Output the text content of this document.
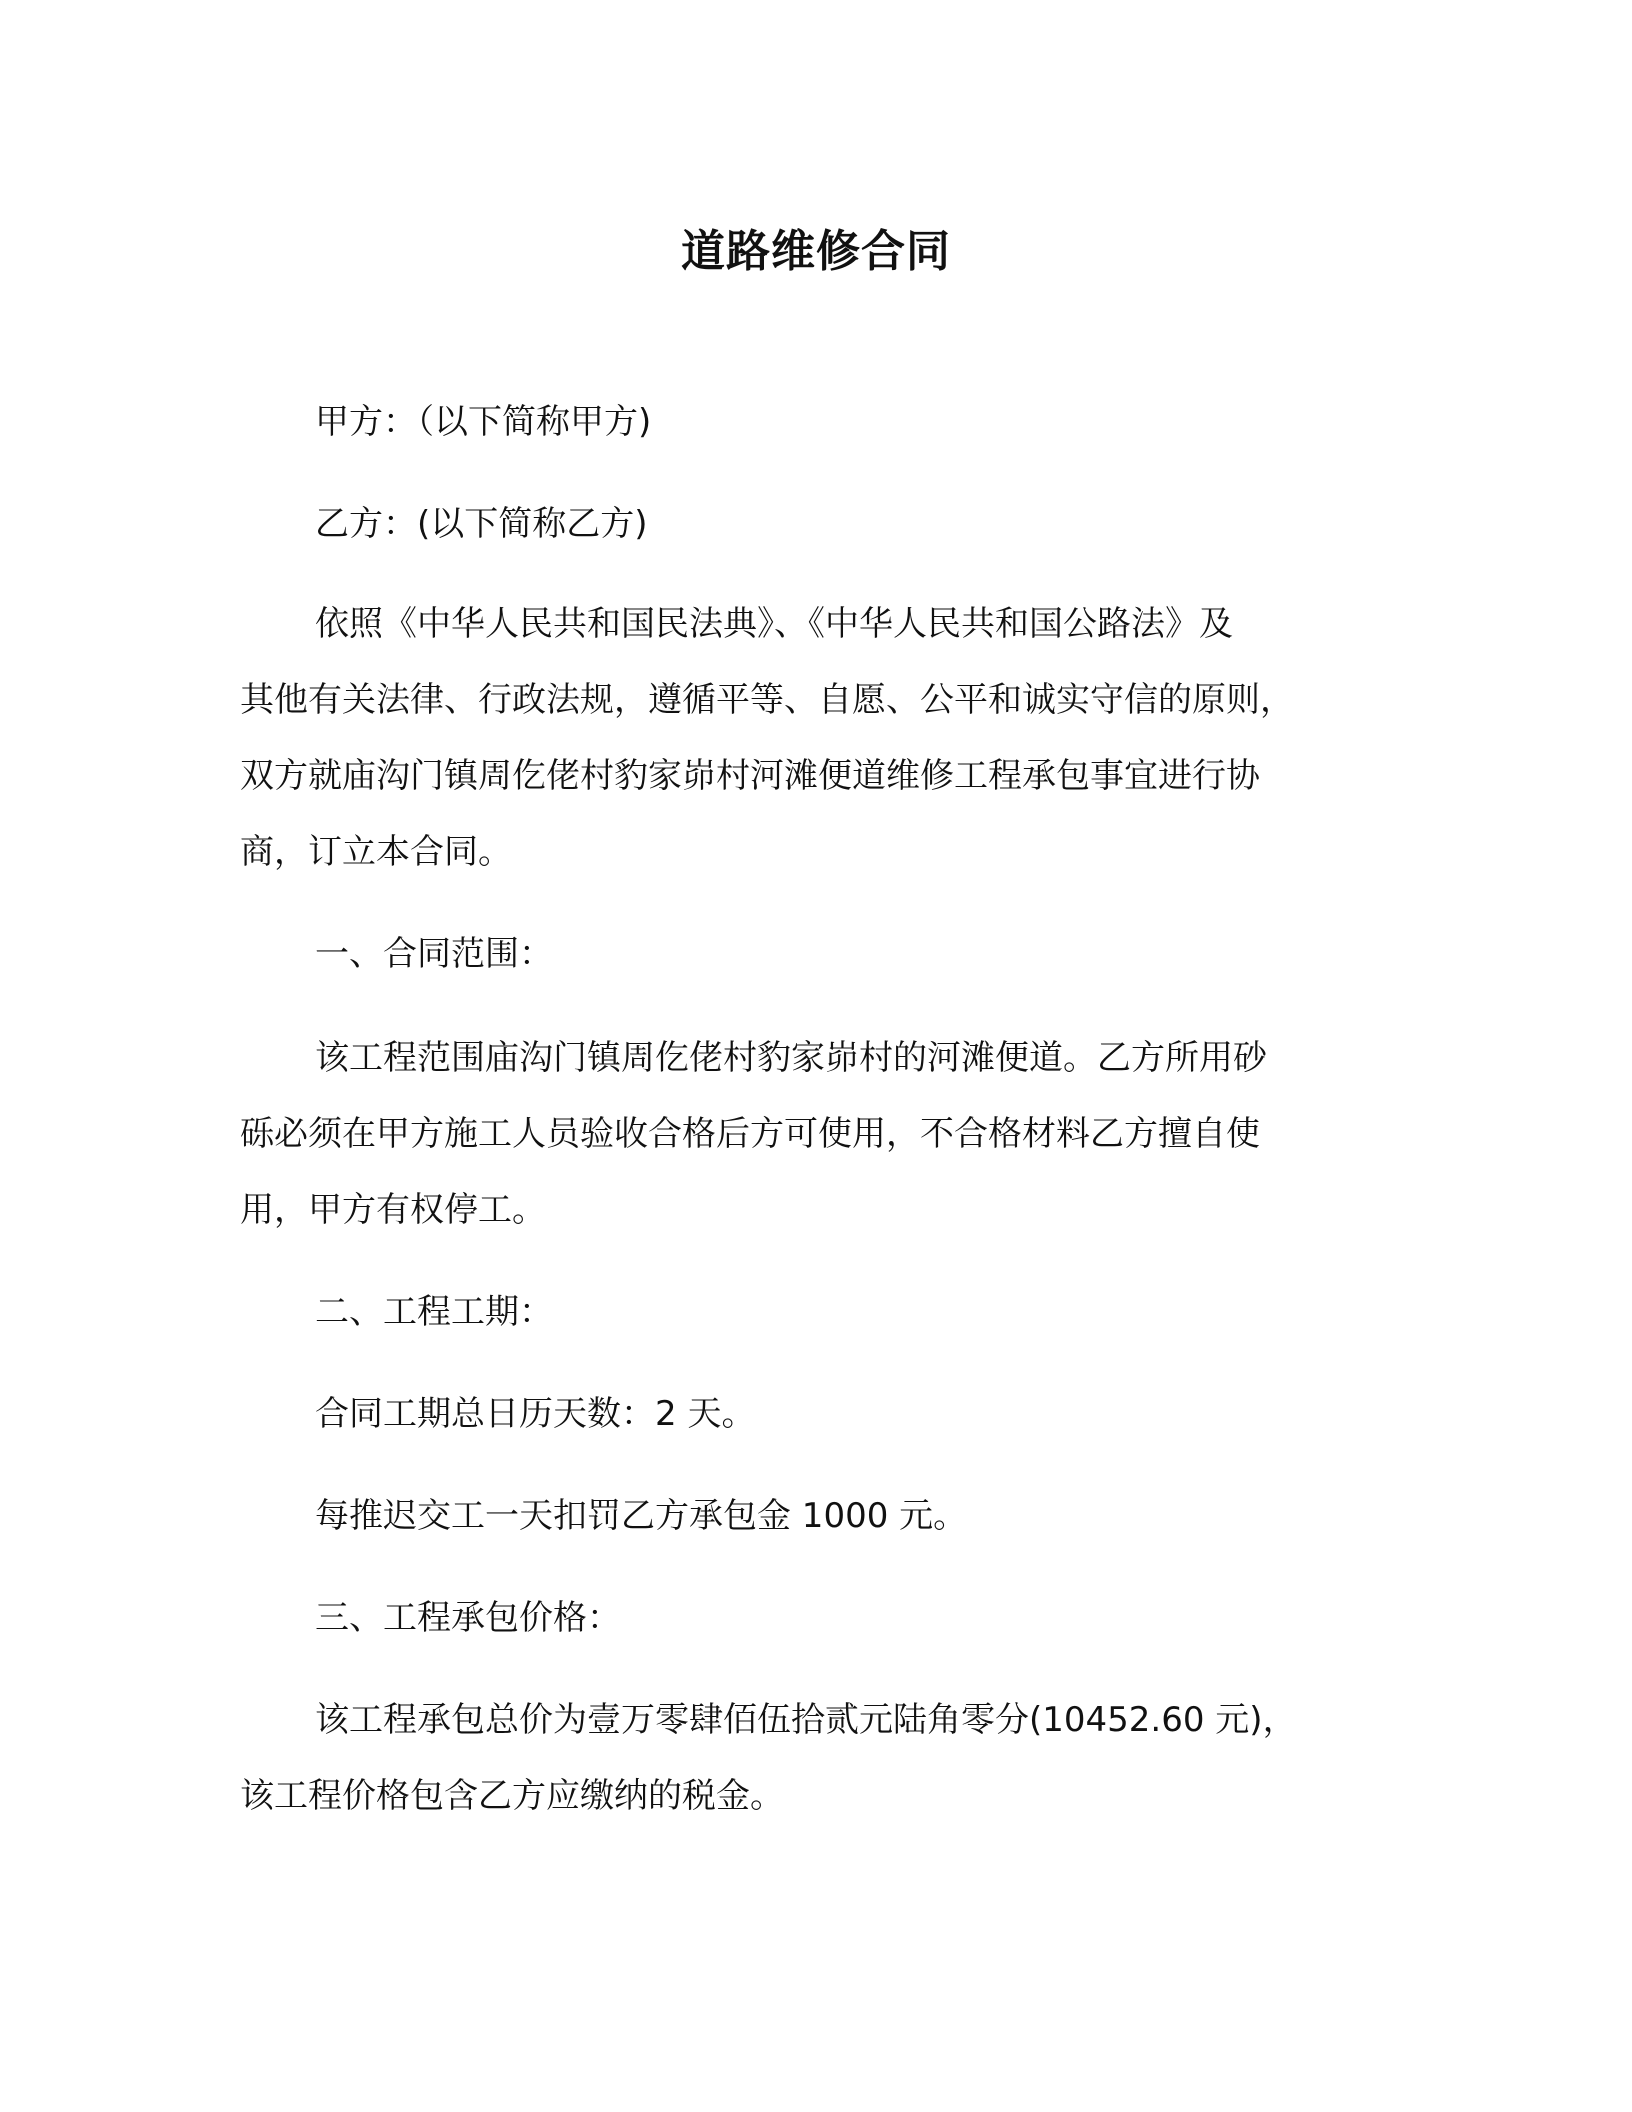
道路维修合同
甲方：（以下简称甲方)
乙方：(以下简称乙方)
依照《中华人民共和国民法典》、《中华人民共和国公路法》及
其他有关法律、行政法规，遵循平等、自愿、公平和诚实守信的原则，
双方就庙沟门镇周仡佬村豹家峁村河滩便道维修工程承包事宜进行协
商，订立本合同。
一、合同范围：
该工程范围庙沟门镇周仡佬村豹家峁村的河滩便道。乙方所用砂
砾必须在甲方施工人员验收合格后方可使用，不合格材料乙方擅自使
用，甲方有权停工。
二、工程工期：
合同工期总日历天数：2 天。
每推迟交工一天扣罚乙方承包金 1000 元。
三、工程承包价格：
该工程承包总价为壹万零肆佰伍拾贰元陆角零分(10452.60 元)，
该工程价格包含乙方应缴纳的税金。
